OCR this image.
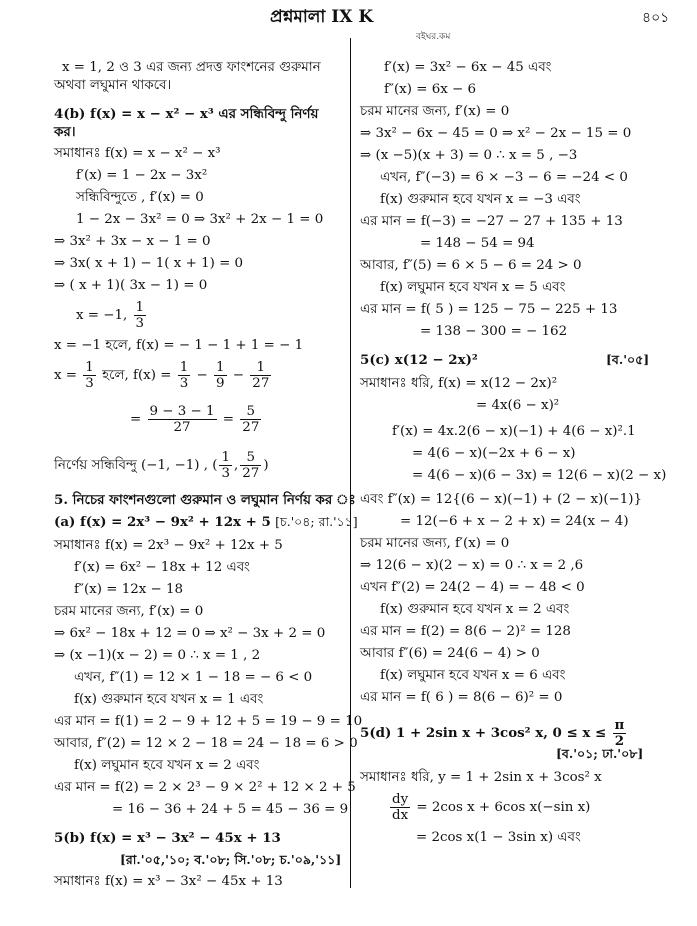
প্রশ্নমালা IX K	৪০১
বইঘর.কম
x = 1, 2 ও 3 এর জন্য প্রদত্ত ফাংশনের গুরুমান
অথবা লঘুমান থাকবে।
4(b) f(x) = x − x² − x³ এর সন্ধিবিন্দু নির্ণয়
কর।
সমাধানঃ f(x) = x − x² − x³
f′(x) = 1 − 2x − 3x²
সন্ধিবিন্দুতে , f′(x) = 0
1 − 2x − 3x² = 0 ⇒ 3x² + 2x − 1 = 0
⇒ 3x² + 3x − x − 1 = 0
⇒ 3x( x + 1) − 1( x + 1) = 0
⇒ ( x + 1)( 3x − 1) = 0
x = −1, $\frac{1}{3}$
x = −1 হলে, f(x) = − 1 − 1 + 1 = − 1
$x = \frac{1}{3}$ হলে, $f(x) = \frac{1}{3} - \frac{1}{9} - \frac{1}{27}$
= $\frac{9 - 3 - 1}{27} = \frac{5}{27}$
নির্ণেয় সন্ধিবিন্দু (−1, −1) , ( $\frac{1}{3}$ , $\frac{5}{27}$ )
5. নিচের ফাংশনগুলো গুরুমান ও লঘুমান নির্ণয় কর ঃ
(a) f(x) = 2x³ − 9x² + 12x + 5 [চ.'০৪; রা.'১১]
সমাধানঃ f(x) = 2x³ − 9x² + 12x + 5
f′(x) = 6x² − 18x + 12 এবং
f″(x) = 12x − 18
চরম মানের জন্য, f′(x) = 0
⇒ 6x² − 18x + 12 = 0 ⇒ x² − 3x + 2 = 0
⇒ (x −1)(x − 2) = 0 ∴ x = 1 , 2
এখন, f″(1) = 12 × 1 − 18 = − 6 < 0
f(x) গুরুমান হবে যখন x = 1 এবং
এর মান = f(1) = 2 − 9 + 12 + 5 = 19 − 9 = 10
আবার, f″(2) = 12 × 2 − 18 = 24 − 18 = 6 > 0
f(x) লঘুমান হবে যখন x = 2 এবং
এর মান = f(2) = 2 × 2³ − 9 × 2² + 12 × 2 + 5
= 16 − 36 + 24 + 5 = 45 − 36 = 9
5(b) f(x) = x³ − 3x² − 45x + 13
[রা.'০৫,'১০; ব.'০৮; সি.'০৮; চ.'০৯,'১১]
সমাধানঃ f(x) = x³ − 3x² − 45x + 13
f′(x) = 3x² − 6x − 45 এবং
f″(x) = 6x − 6
চরম মানের জন্য, f′(x) = 0
⇒ 3x² − 6x − 45 = 0 ⇒ x² − 2x − 15 = 0
⇒ (x −5)(x + 3) = 0 ∴ x = 5 , −3
এখন, f″(−3) = 6 × −3 − 6 = −24 < 0
f(x) গুরুমান হবে যখন x = −3 এবং
এর মান = f(−3) = −27 − 27 + 135 + 13
= 148 − 54 = 94
আবার, f″(5) = 6 × 5 − 6 = 24 > 0
f(x) লঘুমান হবে যখন x = 5 এবং
এর মান = f( 5 ) = 125 − 75 − 225 + 13
= 138 − 300 = − 162
5(c) x(12 − 2x)²	[ব.'০৫]
সমাধানঃ ধরি, f(x) = x(12 − 2x)²
= 4x(6 − x)²
f′(x) = 4x.2(6 − x)(−1) + 4(6 − x)².1
= 4(6 − x)(−2x + 6 − x)
= 4(6 − x)(6 − 3x) = 12(6 − x)(2 − x)
এবং f″(x) = 12{(6 − x)(−1) + (2 − x)(−1)}
= 12(−6 + x − 2 + x) = 24(x − 4)
চরম মানের জন্য, f′(x) = 0
⇒ 12(6 − x)(2 − x) = 0 ∴ x = 2 ,6
এখন f″(2) = 24(2 − 4) = − 48 < 0
f(x) গুরুমান হবে যখন x = 2 এবং
এর মান = f(2) = 8(6 − 2)² = 128
আবার f″(6) = 24(6 − 4) > 0
f(x) লঘুমান হবে যখন x = 6 এবং
এর মান = f( 6 ) = 8(6 − 6)² = 0
5(d) 1 + 2sin x + 3cos² x, $0 \le x \le \frac{\pi}{2}$
[ব.'০১; ঢা.'০৮]
সমাধানঃ ধরি, y = 1 + 2sin x + 3cos² x
$\frac{dy}{dx} = 2\cos$ x + 6cos x(−sin x)
= 2cos x(1 − 3sin x) এবং
